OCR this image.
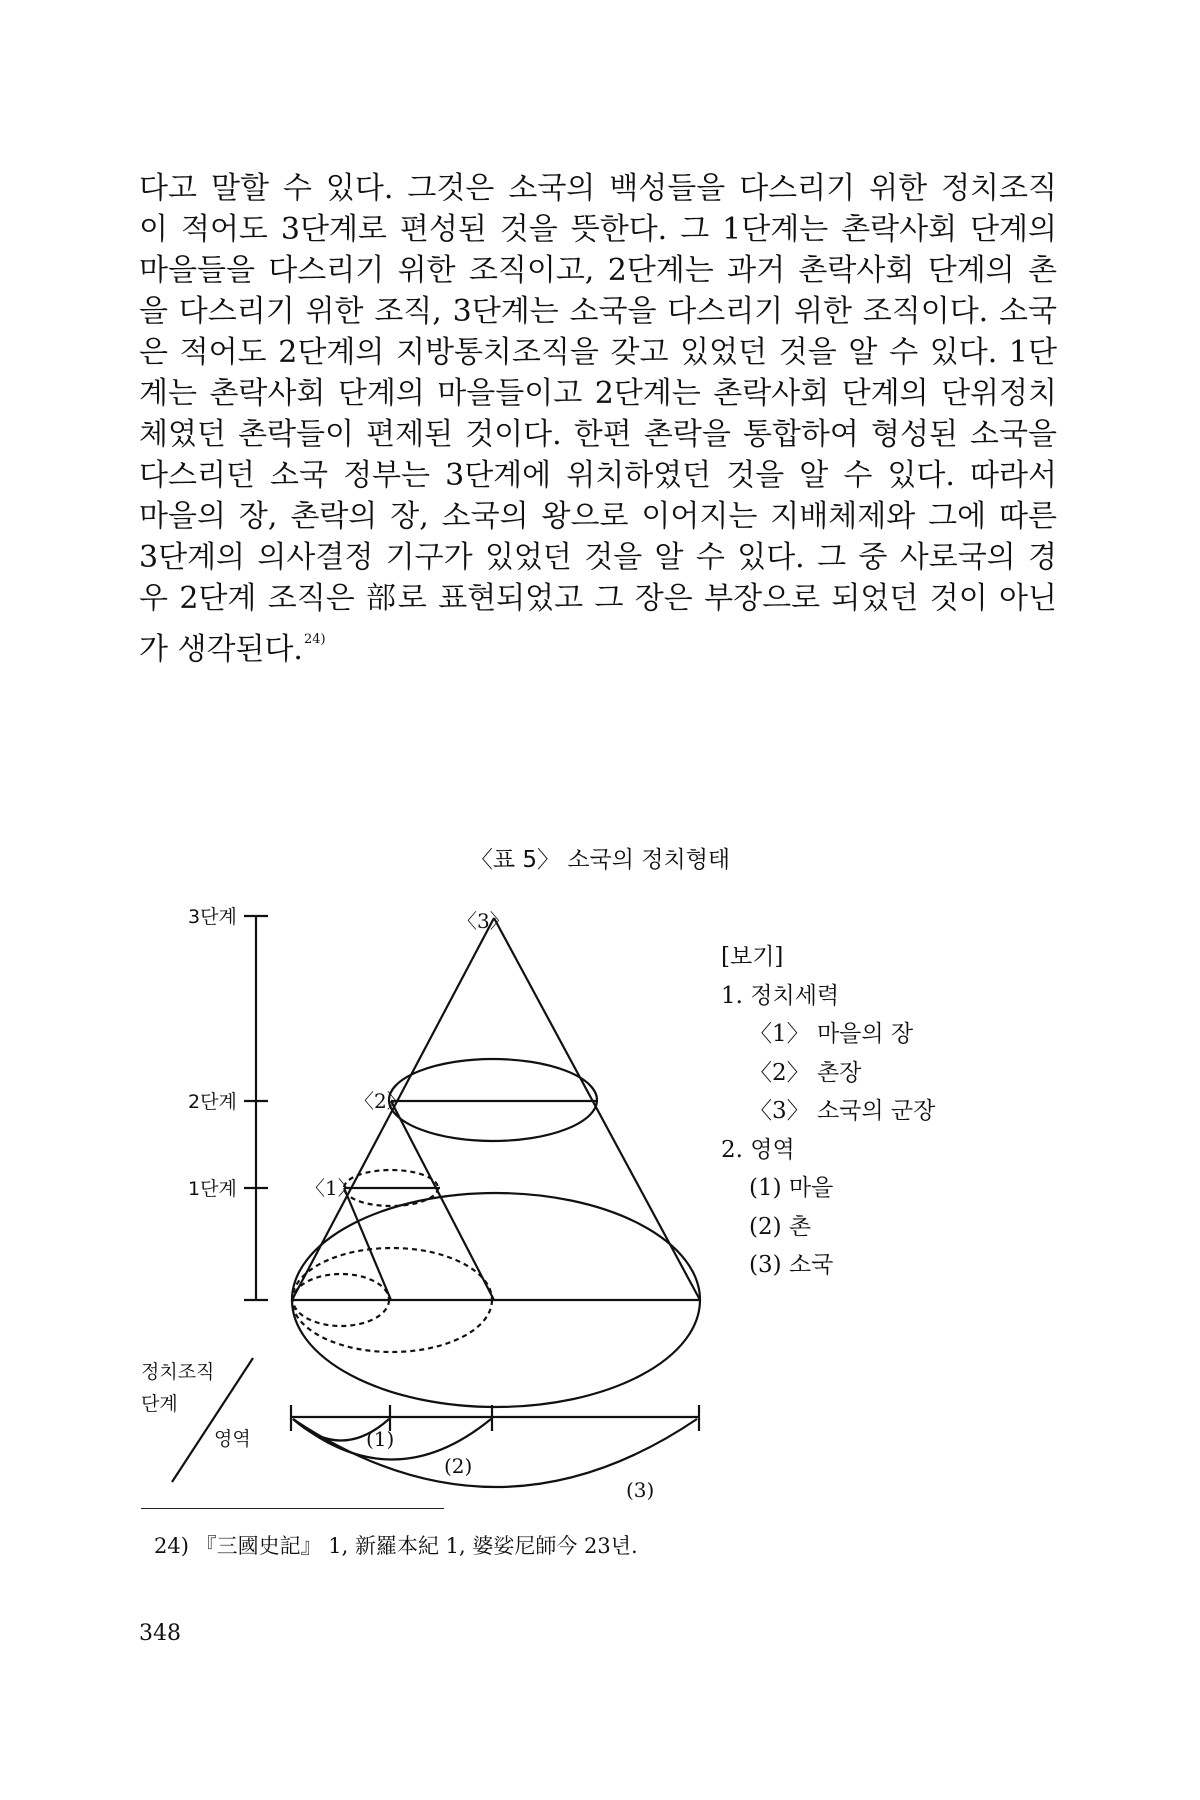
다고 말할 수 있다. 그것은 소국의 백성들을 다스리기 위한 정치조직
이 적어도 3단계로 편성된 것을 뜻한다. 그 1단계는 촌락사회 단계의
마을들을 다스리기 위한 조직이고, 2단계는 과거 촌락사회 단계의 촌
을 다스리기 위한 조직, 3단계는 소국을 다스리기 위한 조직이다. 소국
은 적어도 2단계의 지방통치조직을 갖고 있었던 것을 알 수 있다. 1단
계는 촌락사회 단계의 마을들이고 2단계는 촌락사회 단계의 단위정치
체였던 촌락들이 편제된 것이다. 한편 촌락을 통합하여 형성된 소국을
다스리던 소국 정부는 3단계에 위치하였던 것을 알 수 있다. 따라서
마을의 장, 촌락의 장, 소국의 왕으로 이어지는 지배체제와 그에 따른
3단계의 의사결정 기구가 있었던 것을 알 수 있다. 그 중 사로국의 경
우 2단계 조직은 部로 표현되었고 그 장은 부장으로 되었던 것이 아닌
가 생각된다.$^{24)}$
〈표 5〉 소국의 정치형태
3단계
2단계
1단계
〈3〉
〈2〉
〈1〉
정치조직
단계
영역	(1)
(2)
(3)
[보기]
1. 정치세력
〈1〉 마을의 장
〈2〉 촌장
〈3〉 소국의 군장
2. 영역
(1) 마을
(2) 촌
(3) 소국
24) 『三國史記』 1, 新羅本紀 1, 婆娑尼師今 23년.
348
